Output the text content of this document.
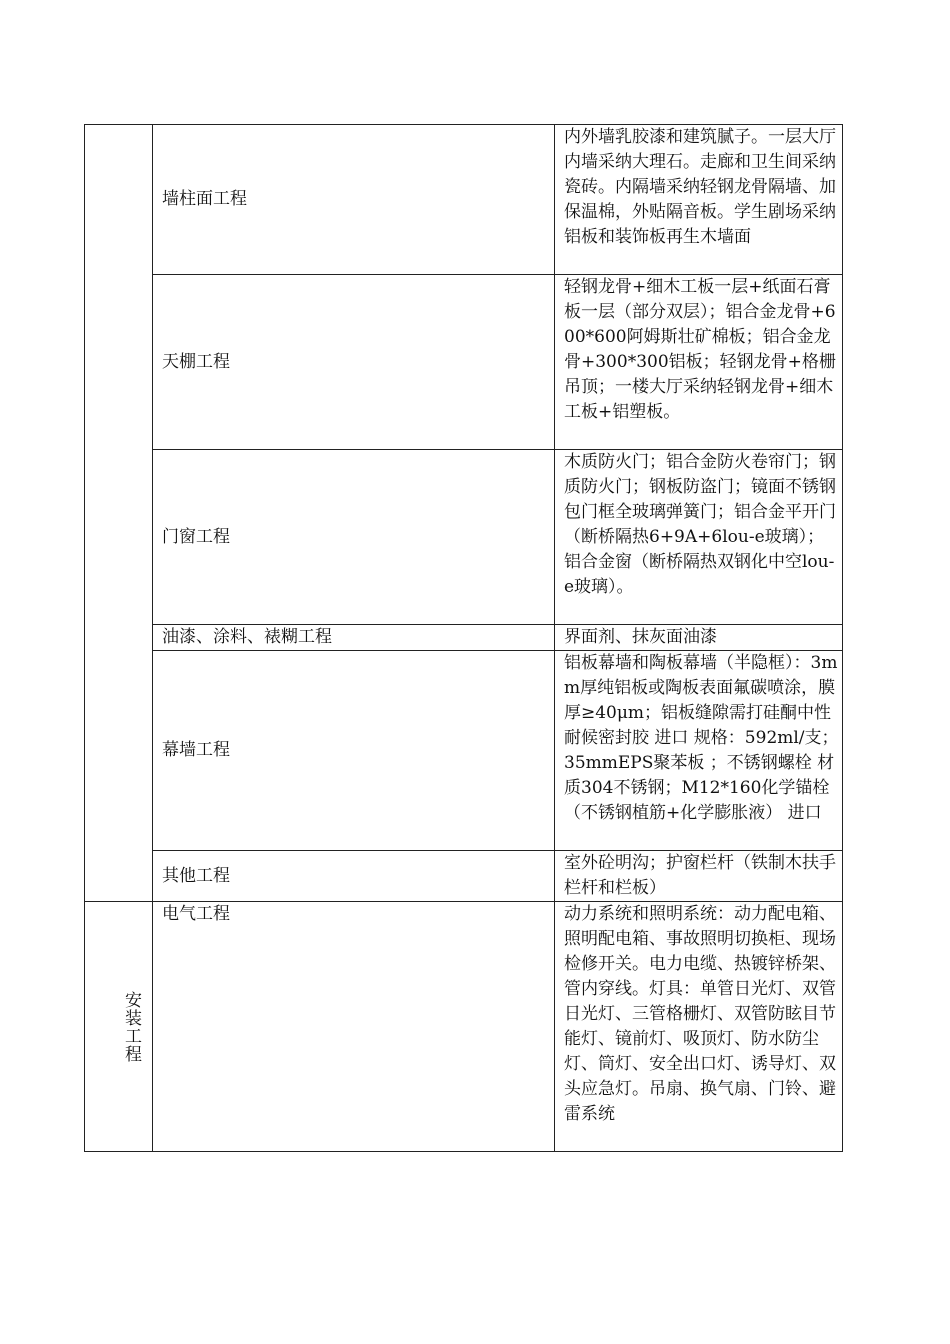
	墙柱面工程	内外墙乳胶漆和建筑腻子。一层大厅内墙采纳大理石。走廊和卫生间采纳瓷砖。内隔墙采纳轻钢龙骨隔墙、加保温棉，外贴隔音板。学生剧场采纳铝板和装饰板再生木墙面
	天棚工程	轻钢龙骨+细木工板一层+纸面石膏板一层（部分双层）；铝合金龙骨+600*600阿姆斯壮矿棉板；铝合金龙骨+300*300铝板；轻钢龙骨+格栅吊顶；一楼大厅采纳轻钢龙骨+细木工板+铝塑板。
	门窗工程	木质防火门；铝合金防火卷帘门；钢质防火门；钢板防盗门；镜面不锈钢包门框全玻璃弹簧门；铝合金平开门（断桥隔热6+9A+6lou-e玻璃）；铝合金窗（断桥隔热双钢化中空lou-e玻璃）。
	油漆、涂料、裱糊工程	界面剂、抹灰面油漆
	幕墙工程	铝板幕墙和陶板幕墙（半隐框）：3mm厚纯铝板或陶板表面氟碳喷涂，膜厚≥40μm；铝板缝隙需打硅酮中性耐候密封胶 进口 规格：592ml/支；35mmEPS聚苯板 ；不锈钢螺栓 材质304不锈钢；M12*160化学锚栓（不锈钢植筋+化学膨胀液） 进口
	其他工程	室外砼明沟；护窗栏杆（铁制木扶手栏杆和栏板）

安装工程	电气工程	动力系统和照明系统：动力配电箱、照明配电箱、事故照明切换柜、现场检修开关。电力电缆、热镀锌桥架、管内穿线。灯具：单管日光灯、双管日光灯、三管格栅灯、双管防眩目节能灯、镜前灯、吸顶灯、防水防尘灯、筒灯、安全出口灯、诱导灯、双头应急灯。吊扇、换气扇、门铃、避雷系统
